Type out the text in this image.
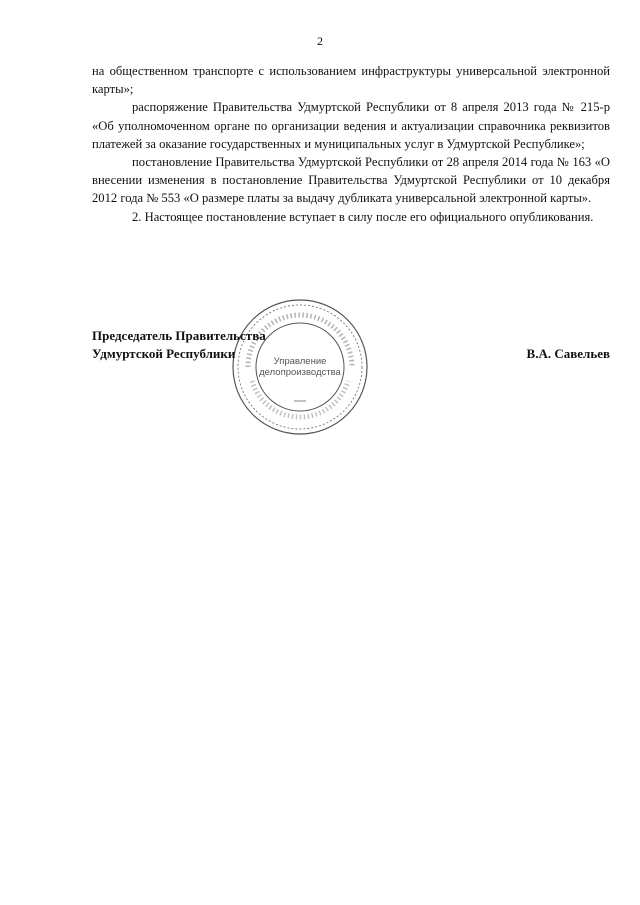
2

на общественном транспорте с использованием инфраструктуры универсальной электронной карты»;

распоряжение Правительства Удмуртской Республики от 8 апреля 2013 года № 215-р «Об уполномоченном органе по организации ведения и актуализации справочника реквизитов платежей за оказание государственных и муниципальных услуг в Удмуртской Республике»;

постановление Правительства Удмуртской Республики от 28 апреля 2014 года № 163 «О внесении изменения в постановление Правительства Удмуртской Республики от 10 декабря 2012 года № 553 «О размере платы за выдачу дубликата универсальной электронной карты».

2. Настоящее постановление вступает в силу после его официального опубликования.

Управление
делопроизводства
Председатель Правительства
Удмуртской Республики	В.А. Савельев
